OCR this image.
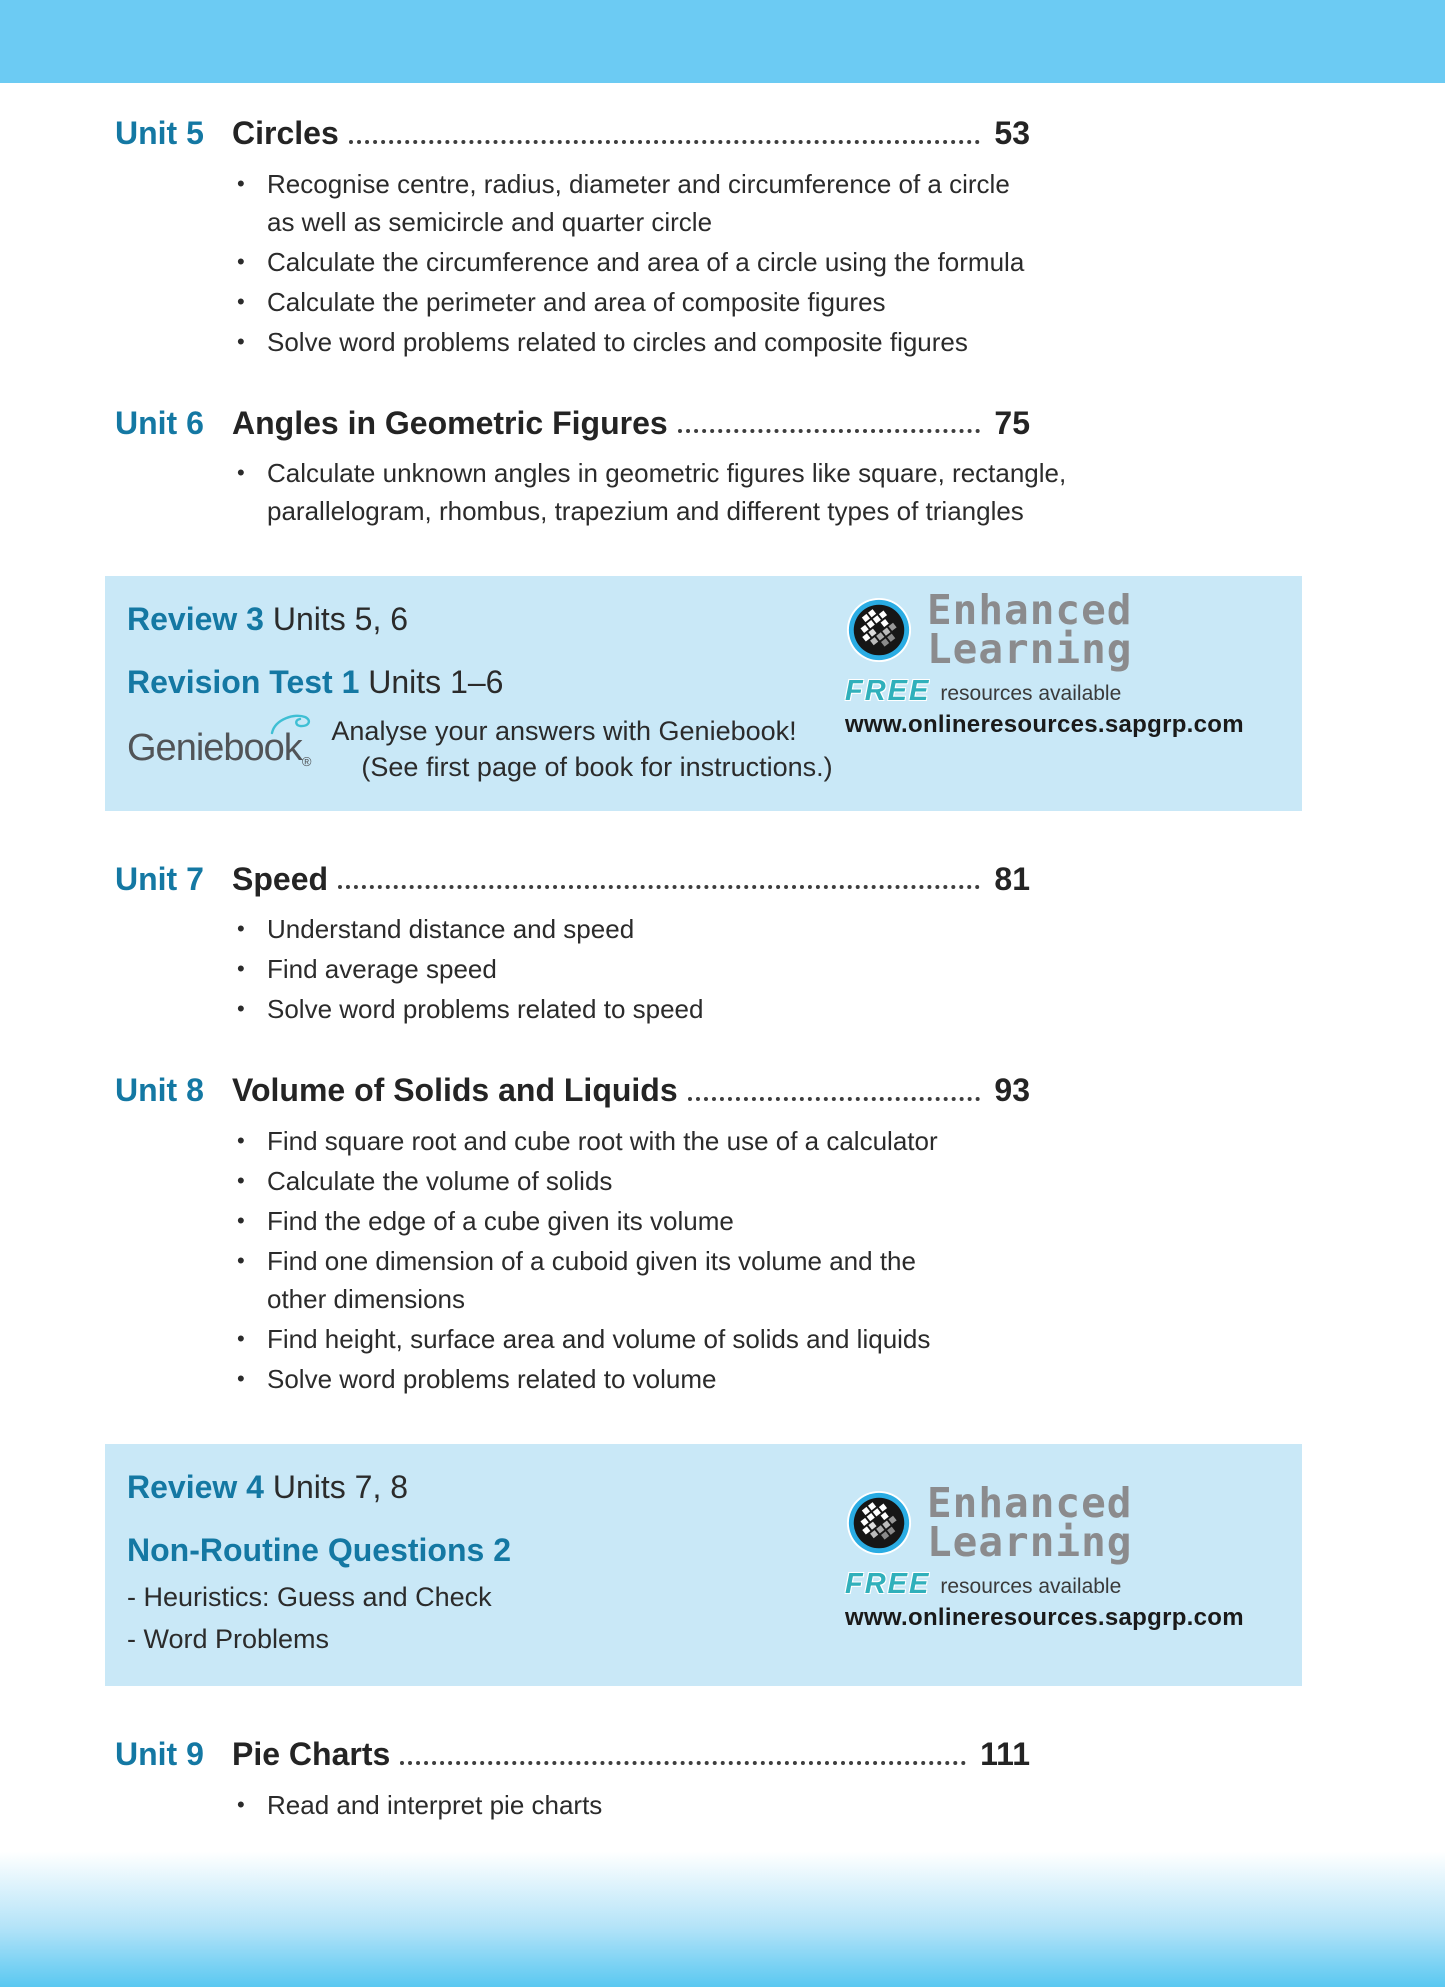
Unit 5 Circles	53
• Recognise centre, radius, diameter and circumference of a circle
as well as semicircle and quarter circle
• Calculate the circumference and area of a circle using the formula
• Calculate the perimeter and area of composite figures
• Solve word problems related to circles and composite figures
Unit 6 Angles in Geometric Figures	75
• Calculate unknown angles in geometric figures like square, rectangle,
parallelogram, rhombus, trapezium and different types of triangles
Review 3 Units 5, 6
Revision Test 1 Units 1–6
Geniebook®
Analyse your answers with Geniebook!
(See first page of book for instructions.)
Enhanced
Learning
FREE resources available
www.onlineresources.sapgrp.com
Unit 7 Speed	81
• Understand distance and speed
• Find average speed
• Solve word problems related to speed
Unit 8 Volume of Solids and Liquids	93
• Find square root and cube root with the use of a calculator
• Calculate the volume of solids
• Find the edge of a cube given its volume
• Find one dimension of a cuboid given its volume and the
other dimensions
• Find height, surface area and volume of solids and liquids
• Solve word problems related to volume
Review 4 Units 7, 8
Non-Routine Questions 2
- Heuristics: Guess and Check
- Word Problems
Enhanced
Learning
FREE resources available
www.onlineresources.sapgrp.com
Unit 9 Pie Charts	111
• Read and interpret pie charts
